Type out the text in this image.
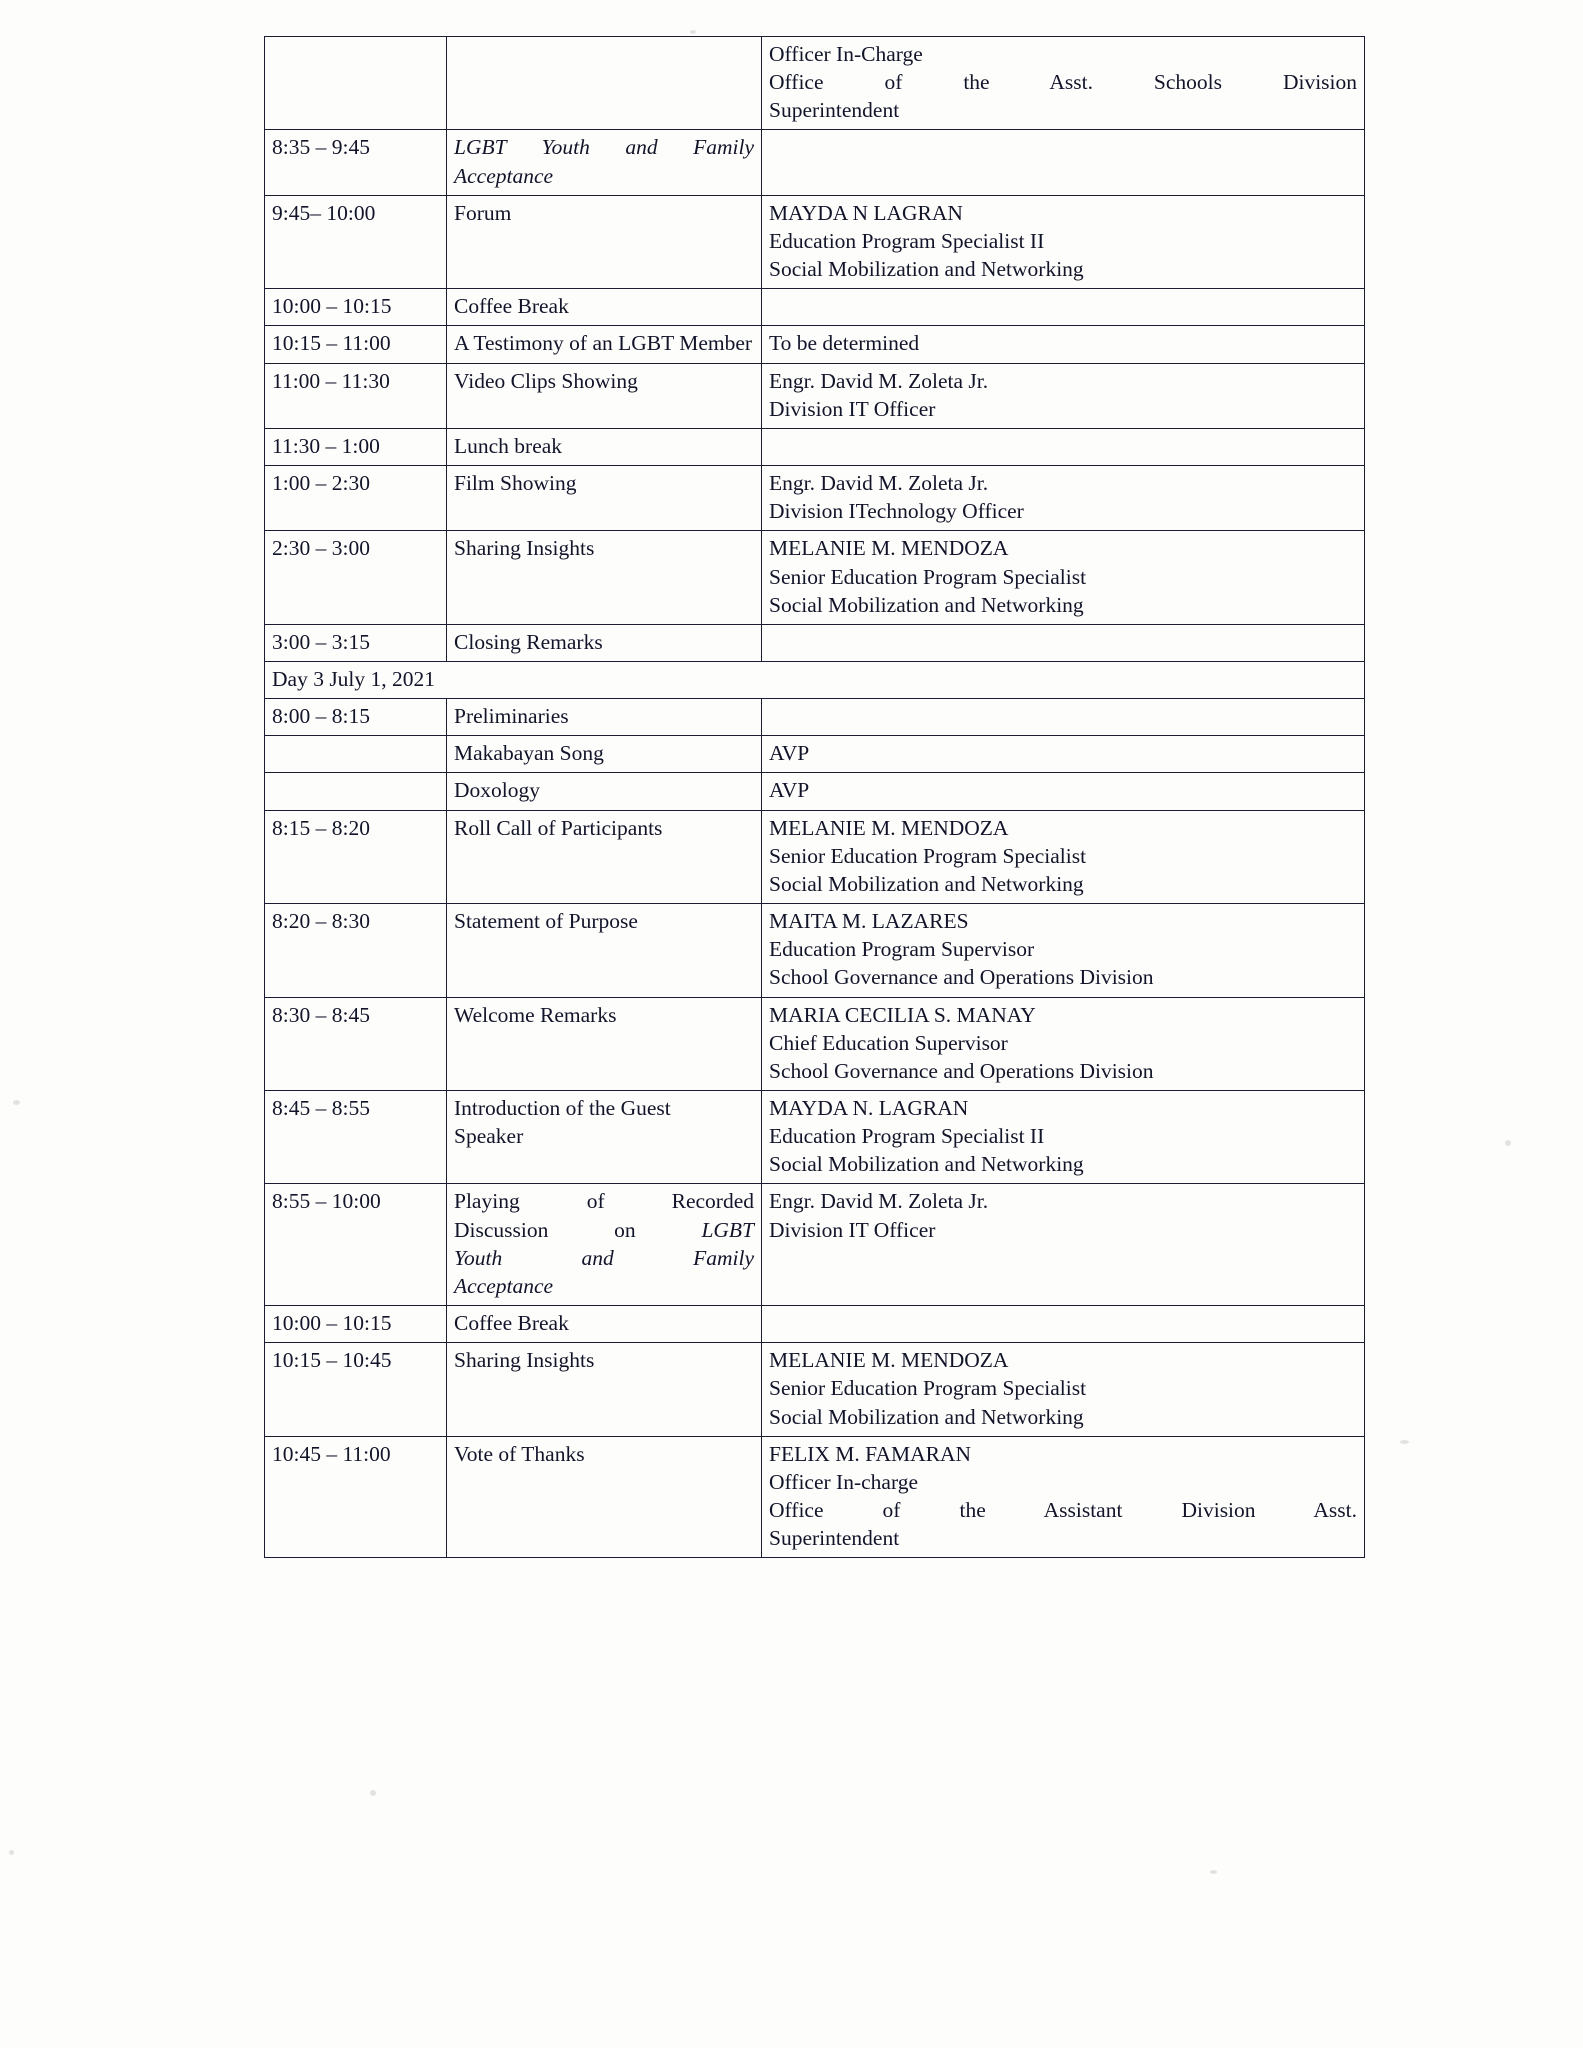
		Officer In-Charge
Office of the Asst. Schools Division
Superintendent

8:35 – 9:45	LGBT Youth and Family
Acceptance	

9:45– 10:00	Forum	MAYDA N LAGRAN
Education Program Specialist II
Social Mobilization and Networking

10:00 – 10:15	Coffee Break	
10:15 – 11:00	A Testimony of an LGBT Member	To be determined

11:00 – 11:30	Video Clips Showing	Engr. David M. Zoleta Jr.
Division IT Officer

11:30 – 1:00	Lunch break	
1:00 – 2:30	Film Showing	Engr. David M. Zoleta Jr.
Division ITechnology Officer

2:30 – 3:00	Sharing Insights	MELANIE M. MENDOZA
Senior Education Program Specialist
Social Mobilization and Networking

3:00 – 3:15	Closing Remarks	
Day 3 July 1, 2021		
8:00 – 8:15	Preliminaries	
	Makabayan Song	AVP
	Doxology	AVP
8:15 – 8:20	Roll Call of Participants	MELANIE M. MENDOZA
Senior Education Program Specialist
Social Mobilization and Networking

8:20 – 8:30	Statement of Purpose	MAITA M. LAZARES
Education Program Supervisor
School Governance and Operations Division

8:30 – 8:45	Welcome Remarks	MARIA CECILIA S. MANAY
Chief Education Supervisor
School Governance and Operations Division

8:45 – 8:55	Introduction of the Guest
Speaker	MAYDA N. LAGRAN
Education Program Specialist II
Social Mobilization and Networking

8:55 – 10:00	Playing of Recorded
Discussion on LGBT
Youth and Family
Acceptance	Engr. David M. Zoleta Jr.
Division IT Officer

10:00 – 10:15	Coffee Break	
10:15 – 10:45	Sharing Insights	MELANIE M. MENDOZA
Senior Education Program Specialist
Social Mobilization and Networking

10:45 – 11:00	Vote of Thanks	FELIX M. FAMARAN
Officer In-charge
Office of the Assistant Division Asst.
Superintendent
